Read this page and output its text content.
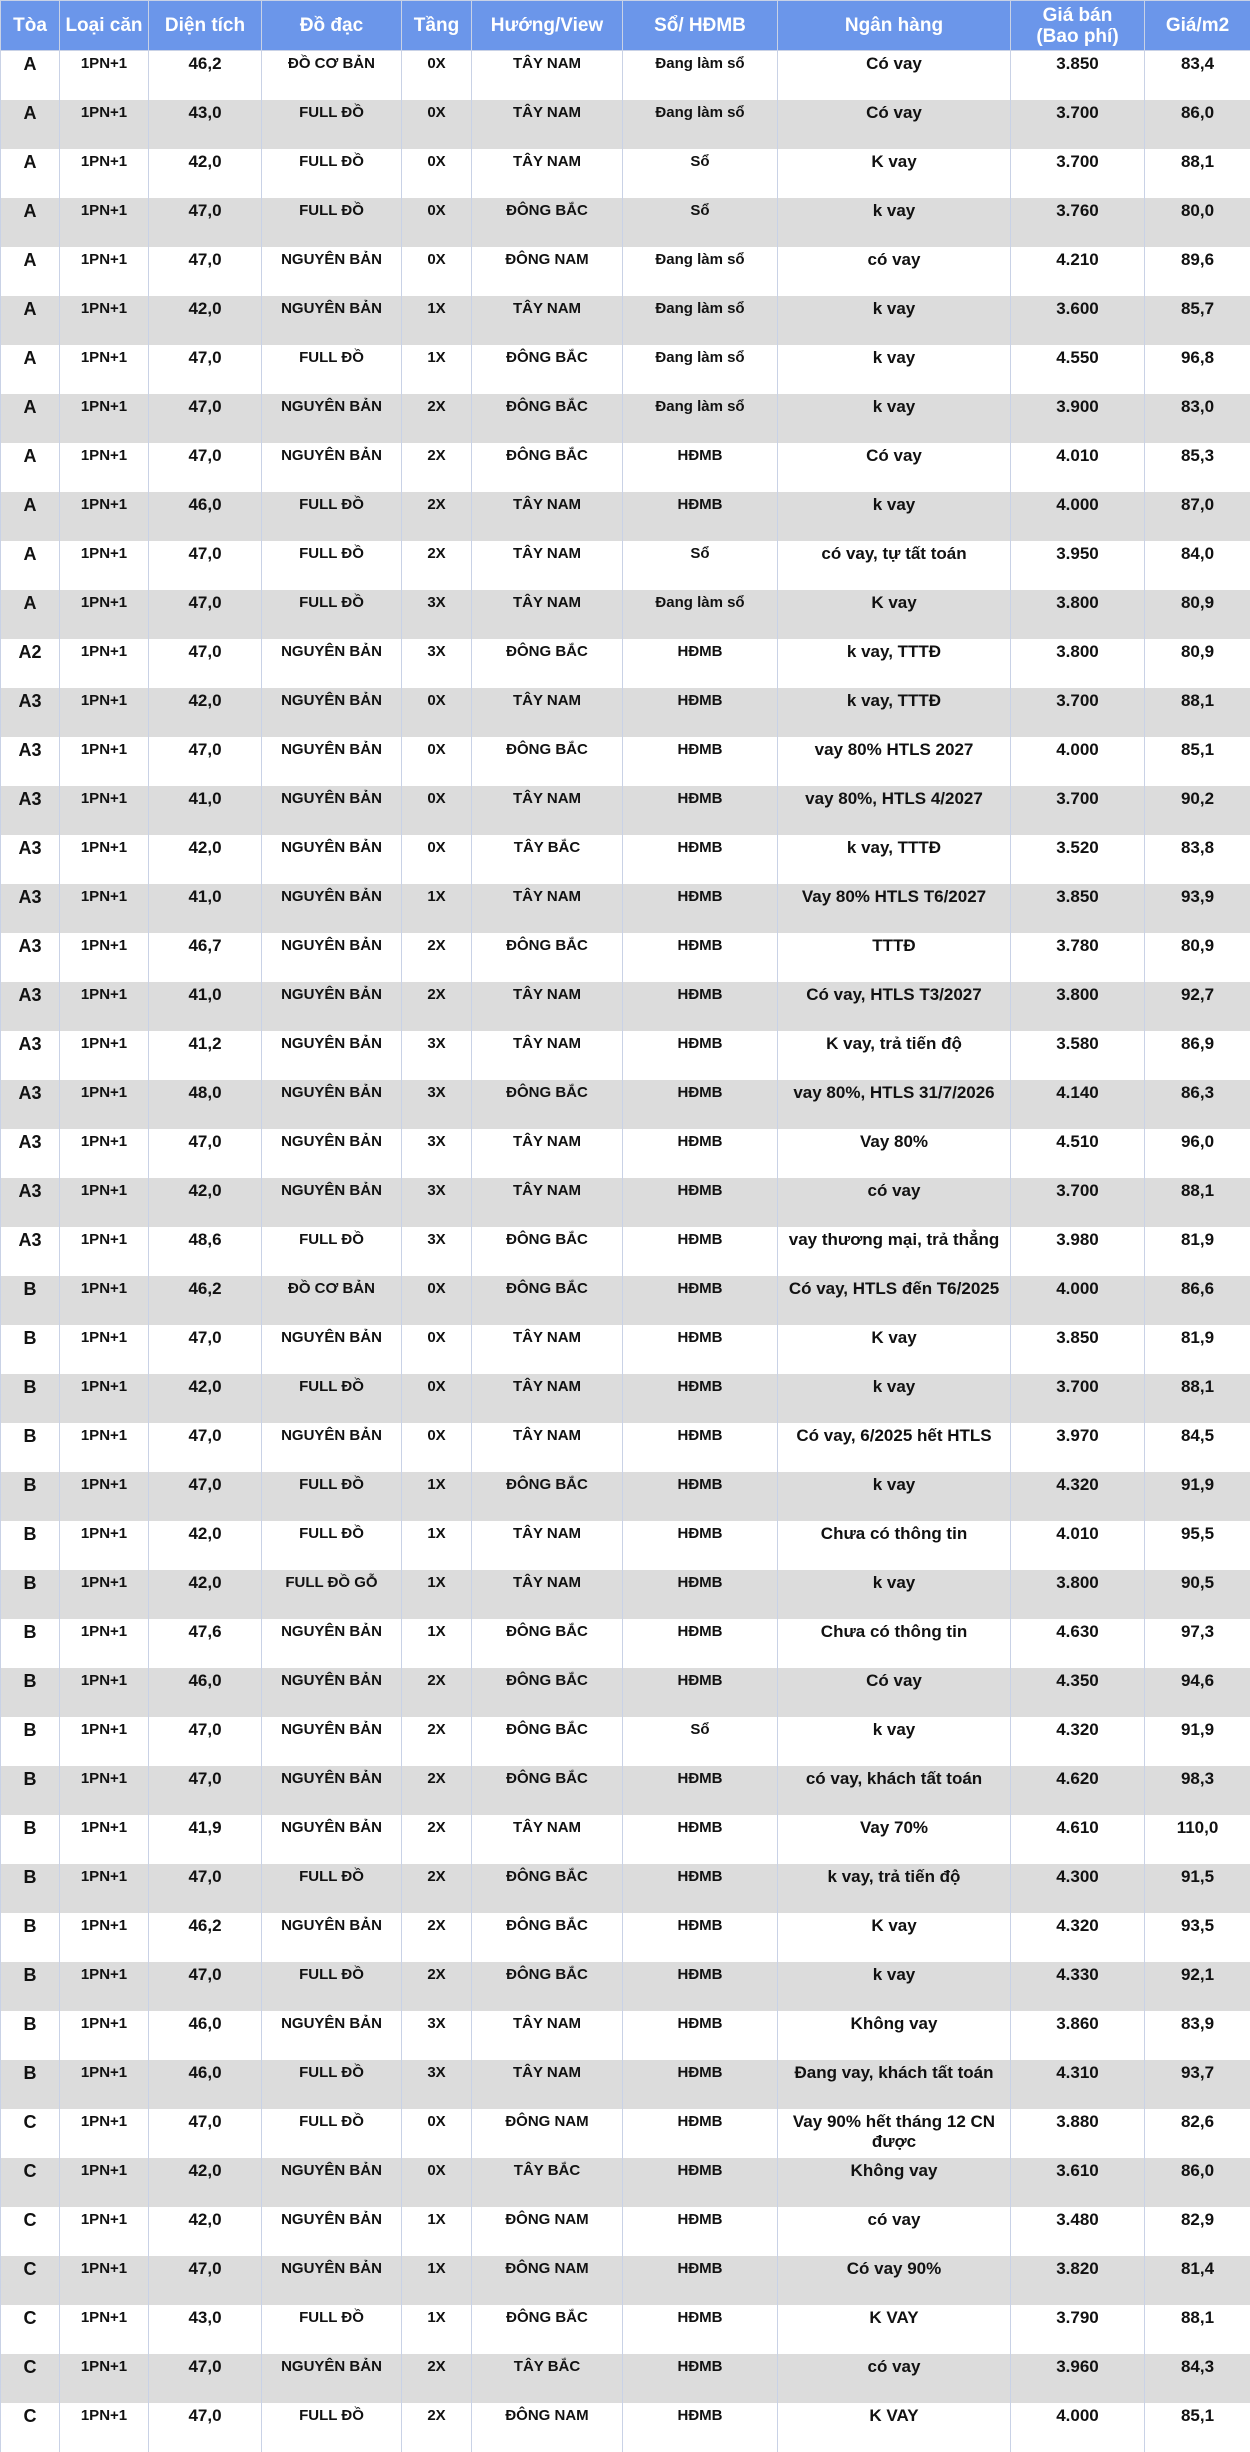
Tòa	Loại căn	Diện tích	Đồ đạc	Tầng	Hướng/View	Sổ/ HĐMB	Ngân hàng	Giá bán (Bao phí)	Giá/m2
A	1PN+1	46,2	ĐỒ CƠ BẢN	0X	TÂY NAM	Đang làm sổ	Có vay	3.850	83,4
A	1PN+1	43,0	FULL ĐỒ	0X	TÂY NAM	Đang làm sổ	Có vay	3.700	86,0
A	1PN+1	42,0	FULL ĐỒ	0X	TÂY NAM	Sổ	K vay	3.700	88,1
A	1PN+1	47,0	FULL ĐỒ	0X	ĐÔNG BẮC	Sổ	k vay	3.760	80,0
A	1PN+1	47,0	NGUYÊN BẢN	0X	ĐÔNG NAM	Đang làm sổ	có vay	4.210	89,6
A	1PN+1	42,0	NGUYÊN BẢN	1X	TÂY NAM	Đang làm sổ	k vay	3.600	85,7
A	1PN+1	47,0	FULL ĐỒ	1X	ĐÔNG BẮC	Đang làm sổ	k vay	4.550	96,8
A	1PN+1	47,0	NGUYÊN BẢN	2X	ĐÔNG BẮC	Đang làm sổ	k vay	3.900	83,0
A	1PN+1	47,0	NGUYÊN BẢN	2X	ĐÔNG BẮC	HĐMB	Có vay	4.010	85,3
A	1PN+1	46,0	FULL ĐỒ	2X	TÂY NAM	HĐMB	k vay	4.000	87,0
A	1PN+1	47,0	FULL ĐỒ	2X	TÂY NAM	Sổ	có vay, tự tất toán	3.950	84,0
A	1PN+1	47,0	FULL ĐỒ	3X	TÂY NAM	Đang làm sổ	K vay	3.800	80,9
A2	1PN+1	47,0	NGUYÊN BẢN	3X	ĐÔNG BẮC	HĐMB	k vay, TTTĐ	3.800	80,9
A3	1PN+1	42,0	NGUYÊN BẢN	0X	TÂY NAM	HĐMB	k vay, TTTĐ	3.700	88,1
A3	1PN+1	47,0	NGUYÊN BẢN	0X	ĐÔNG BẮC	HĐMB	vay 80% HTLS 2027	4.000	85,1
A3	1PN+1	41,0	NGUYÊN BẢN	0X	TÂY NAM	HĐMB	vay 80%, HTLS 4/2027	3.700	90,2
A3	1PN+1	42,0	NGUYÊN BẢN	0X	TÂY BẮC	HĐMB	k vay, TTTĐ	3.520	83,8
A3	1PN+1	41,0	NGUYÊN BẢN	1X	TÂY NAM	HĐMB	Vay 80% HTLS T6/2027	3.850	93,9
A3	1PN+1	46,7	NGUYÊN BẢN	2X	ĐÔNG BẮC	HĐMB	TTTĐ	3.780	80,9
A3	1PN+1	41,0	NGUYÊN BẢN	2X	TÂY NAM	HĐMB	Có vay, HTLS T3/2027	3.800	92,7
A3	1PN+1	41,2	NGUYÊN BẢN	3X	TÂY NAM	HĐMB	K vay, trả tiến độ	3.580	86,9
A3	1PN+1	48,0	NGUYÊN BẢN	3X	ĐÔNG BẮC	HĐMB	vay 80%, HTLS 31/7/2026	4.140	86,3
A3	1PN+1	47,0	NGUYÊN BẢN	3X	TÂY NAM	HĐMB	Vay 80%	4.510	96,0
A3	1PN+1	42,0	NGUYÊN BẢN	3X	TÂY NAM	HĐMB	có vay	3.700	88,1
A3	1PN+1	48,6	FULL ĐỒ	3X	ĐÔNG BẮC	HĐMB	vay thương mại, trả thẳng	3.980	81,9
B	1PN+1	46,2	ĐỒ CƠ BẢN	0X	ĐÔNG BẮC	HĐMB	Có vay, HTLS đến T6/2025	4.000	86,6
B	1PN+1	47,0	NGUYÊN BẢN	0X	TÂY NAM	HĐMB	K vay	3.850	81,9
B	1PN+1	42,0	FULL ĐỒ	0X	TÂY NAM	HĐMB	k vay	3.700	88,1
B	1PN+1	47,0	NGUYÊN BẢN	0X	TÂY NAM	HĐMB	Có vay, 6/2025 hết HTLS	3.970	84,5
B	1PN+1	47,0	FULL ĐỒ	1X	ĐÔNG BẮC	HĐMB	k vay	4.320	91,9
B	1PN+1	42,0	FULL ĐỒ	1X	TÂY NAM	HĐMB	Chưa có thông tin	4.010	95,5
B	1PN+1	42,0	FULL ĐỒ GỖ	1X	TÂY NAM	HĐMB	k vay	3.800	90,5
B	1PN+1	47,6	NGUYÊN BẢN	1X	ĐÔNG BẮC	HĐMB	Chưa có thông tin	4.630	97,3
B	1PN+1	46,0	NGUYÊN BẢN	2X	ĐÔNG BẮC	HĐMB	Có vay	4.350	94,6
B	1PN+1	47,0	NGUYÊN BẢN	2X	ĐÔNG BẮC	Sổ	k vay	4.320	91,9
B	1PN+1	47,0	NGUYÊN BẢN	2X	ĐÔNG BẮC	HĐMB	có vay, khách tất toán	4.620	98,3
B	1PN+1	41,9	NGUYÊN BẢN	2X	TÂY NAM	HĐMB	Vay 70%	4.610	110,0
B	1PN+1	47,0	FULL ĐỒ	2X	ĐÔNG BẮC	HĐMB	k vay, trả tiến độ	4.300	91,5
B	1PN+1	46,2	NGUYÊN BẢN	2X	ĐÔNG BẮC	HĐMB	K vay	4.320	93,5
B	1PN+1	47,0	FULL ĐỒ	2X	ĐÔNG BẮC	HĐMB	k vay	4.330	92,1
B	1PN+1	46,0	NGUYÊN BẢN	3X	TÂY NAM	HĐMB	Không vay	3.860	83,9
B	1PN+1	46,0	FULL ĐỒ	3X	TÂY NAM	HĐMB	Đang vay, khách tất toán	4.310	93,7
C	1PN+1	47,0	FULL ĐỒ	0X	ĐÔNG NAM	HĐMB	Vay 90% hết tháng 12 CN được	3.880	82,6
C	1PN+1	42,0	NGUYÊN BẢN	0X	TÂY BẮC	HĐMB	Không vay	3.610	86,0
C	1PN+1	42,0	NGUYÊN BẢN	1X	ĐÔNG NAM	HĐMB	có vay	3.480	82,9
C	1PN+1	47,0	NGUYÊN BẢN	1X	ĐÔNG NAM	HĐMB	Có vay 90%	3.820	81,4
C	1PN+1	43,0	FULL ĐỒ	1X	ĐÔNG BẮC	HĐMB	K VAY	3.790	88,1
C	1PN+1	47,0	NGUYÊN BẢN	2X	TÂY BẮC	HĐMB	có vay	3.960	84,3
C	1PN+1	47,0	FULL ĐỒ	2X	ĐÔNG NAM	HĐMB	K VAY	4.000	85,1
